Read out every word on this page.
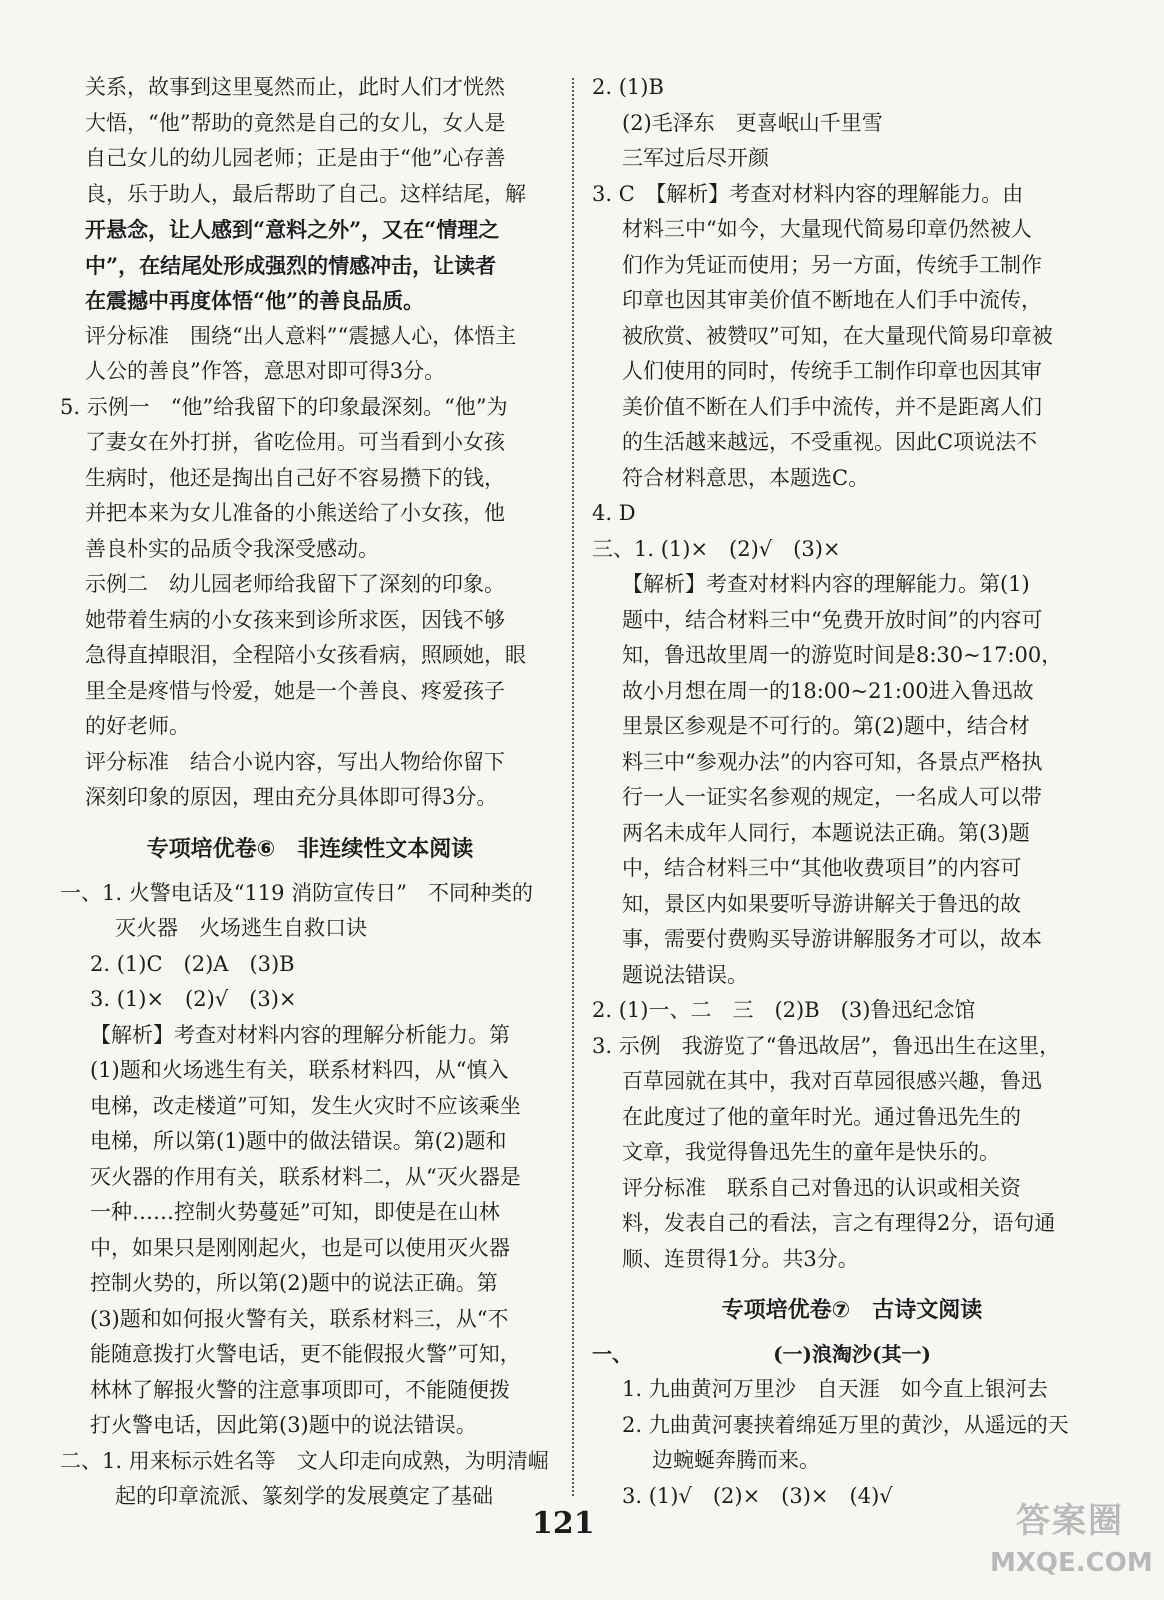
关系，故事到这里戛然而止，此时人们才恍然
大悟，“他”帮助的竟然是自己的女儿，女人是
自己女儿的幼儿园老师；正是由于“他”心存善
良，乐于助人，最后帮助了自己。这样结尾，解
开悬念，让人感到“意料之外”，又在“情理之
中”，在结尾处形成强烈的情感冲击，让读者
在震撼中再度体悟“他”的善良品质。
评分标准　围绕“出人意料”“震撼人心，体悟主
人公的善良”作答，意思对即可得3分。
5. 示例一　“他”给我留下的印象最深刻。“他”为
了妻女在外打拼，省吃俭用。可当看到小女孩
生病时，他还是掏出自己好不容易攒下的钱，
并把本来为女儿准备的小熊送给了小女孩，他
善良朴实的品质令我深受感动。
示例二　幼儿园老师给我留下了深刻的印象。
她带着生病的小女孩来到诊所求医，因钱不够
急得直掉眼泪，全程陪小女孩看病，照顾她，眼
里全是疼惜与怜爱，她是一个善良、疼爱孩子
的好老师。
评分标准　结合小说内容，写出人物给你留下
深刻印象的原因，理由充分具体即可得3分。
专项培优卷⑥　非连续性文本阅读
一、1. 火警电话及“119 消防宣传日”　不同种类的
灭火器　火场逃生自救口诀
2. (1)C　(2)A　(3)B
3. (1)×　(2)√　(3)×
【解析】考查对材料内容的理解分析能力。第
(1)题和火场逃生有关，联系材料四，从“慎入
电梯，改走楼道”可知，发生火灾时不应该乘坐
电梯，所以第(1)题中的做法错误。第(2)题和
灭火器的作用有关，联系材料二，从“灭火器是
一种……控制火势蔓延”可知，即使是在山林
中，如果只是刚刚起火，也是可以使用灭火器
控制火势的，所以第(2)题中的说法正确。第
(3)题和如何报火警有关，联系材料三，从“不
能随意拨打火警电话，更不能假报火警”可知，
林林了解报火警的注意事项即可，不能随便拨
打火警电话，因此第(3)题中的说法错误。
二、1. 用来标示姓名等　文人印走向成熟，为明清崛
起的印章流派、篆刻学的发展奠定了基础
2. (1)B
(2)毛泽东　更喜岷山千里雪
三军过后尽开颜
3. C　【解析】考查对材料内容的理解能力。由
材料三中“如今，大量现代简易印章仍然被人
们作为凭证而使用；另一方面，传统手工制作
印章也因其审美价值不断地在人们手中流传，
被欣赏、被赞叹”可知，在大量现代简易印章被
人们使用的同时，传统手工制作印章也因其审
美价值不断在人们手中流传，并不是距离人们
的生活越来越远，不受重视。因此C项说法不
符合材料意思，本题选C。
4. D
三、1. (1)×　(2)√　(3)×
【解析】考查对材料内容的理解能力。第(1)
题中，结合材料三中“免费开放时间”的内容可
知，鲁迅故里周一的游览时间是8:30~17:00，
故小月想在周一的18:00~21:00进入鲁迅故
里景区参观是不可行的。第(2)题中，结合材
料三中“参观办法”的内容可知，各景点严格执
行一人一证实名参观的规定，一名成人可以带
两名未成年人同行，本题说法正确。第(3)题
中，结合材料三中“其他收费项目”的内容可
知，景区内如果要听导游讲解关于鲁迅的故
事，需要付费购买导游讲解服务才可以，故本
题说法错误。
2. (1)一、二　三　(2)B　(3)鲁迅纪念馆
3. 示例　我游览了“鲁迅故居”，鲁迅出生在这里，
百草园就在其中，我对百草园很感兴趣，鲁迅
在此度过了他的童年时光。通过鲁迅先生的
文章，我觉得鲁迅先生的童年是快乐的。
评分标准　联系自己对鲁迅的认识或相关资
料，发表自己的看法，言之有理得2分，语句通
顺、连贯得1分。共3分。
专项培优卷⑦　古诗文阅读
一、	(一)浪淘沙(其一)
1. 九曲黄河万里沙　自天涯　如今直上银河去
2. 九曲黄河裹挟着绵延万里的黄沙，从遥远的天
边蜿蜒奔腾而来。
3. (1)√　(2)×　(3)×　(4)√
121	答案圈
MXQE.COM
